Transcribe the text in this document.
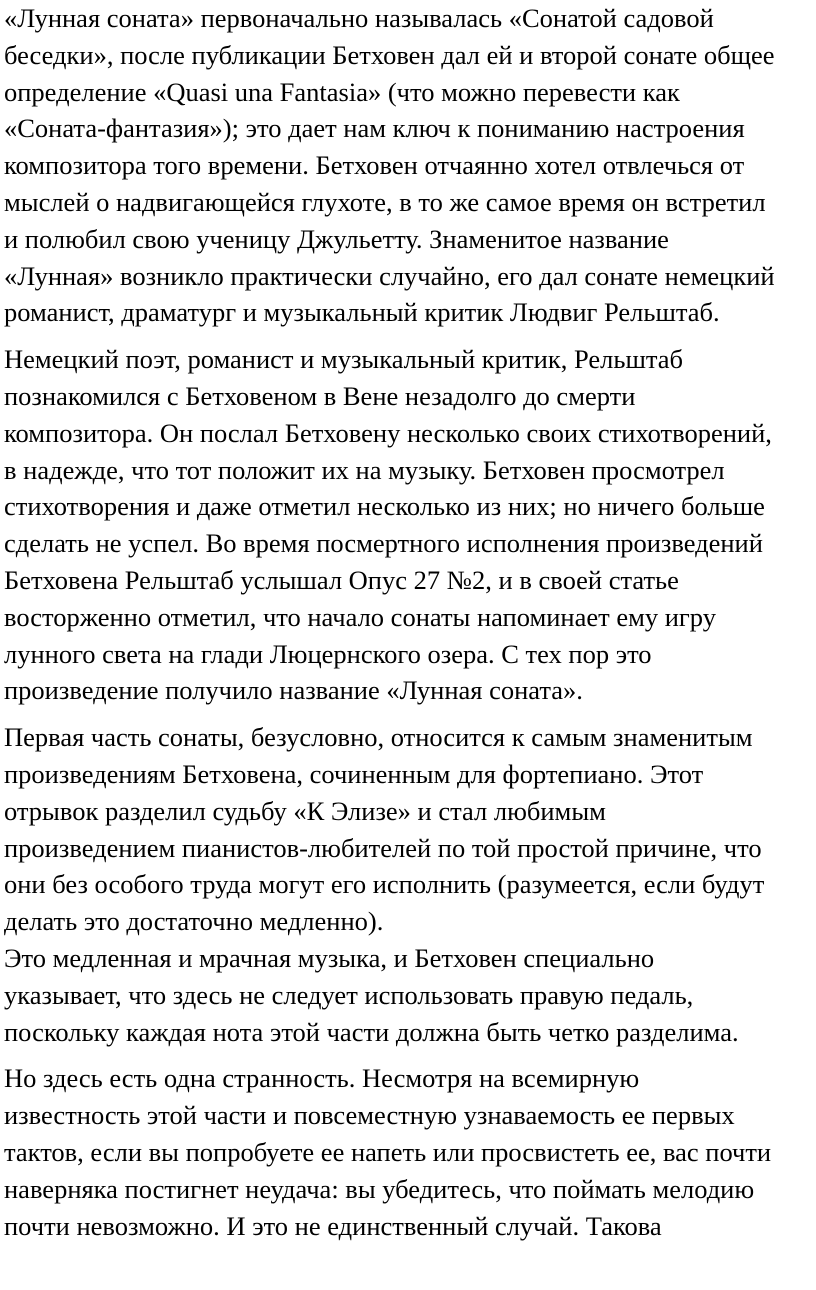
«Лунная соната» первоначально называлась «Сонатой садовой
беседки», после публикации Бетховен дал ей и второй сонате общее
определение «Quasi una Fantasia» (что можно перевести как
«Соната-фантазия»); это дает нам ключ к пониманию настроения
композитора того времени. Бетховен отчаянно хотел отвлечься от
мыслей о надвигающейся глухоте, в то же самое время он встретил
и полюбил свою ученицу Джульетту. Знаменитое название
«Лунная» возникло практически случайно, его дал сонате немецкий
романист, драматург и музыкальный критик Людвиг Рельштаб.
Немецкий поэт, романист и музыкальный критик, Рельштаб
познакомился с Бетховеном в Вене незадолго до смерти
композитора. Он послал Бетховену несколько своих стихотворений,
в надежде, что тот положит их на музыку. Бетховен просмотрел
стихотворения и даже отметил несколько из них; но ничего больше
сделать не успел. Во время посмертного исполнения произведений
Бетховена Рельштаб услышал Опус 27 №2, и в своей статье
восторженно отметил, что начало сонаты напоминает ему игру
лунного света на глади Люцернского озера. С тех пор это
произведение получило название «Лунная соната».
Первая часть сонаты, безусловно, относится к самым знаменитым
произведениям Бетховена, сочиненным для фортепиано. Этот
отрывок разделил судьбу «К Элизе» и стал любимым
произведением пианистов-любителей по той простой причине, что
они без особого труда могут его исполнить (разумеется, если будут
делать это достаточно медленно).
Это медленная и мрачная музыка, и Бетховен специально
указывает, что здесь не следует использовать правую педаль,
поскольку каждая нота этой части должна быть четко разделима.
Но здесь есть одна странность. Несмотря на всемирную
известность этой части и повсеместную узнаваемость ее первых
тактов, если вы попробуете ее напеть или просвистеть ее, вас почти
наверняка постигнет неудача: вы убедитесь, что поймать мелодию
почти невозможно. И это не единственный случай. Такова
